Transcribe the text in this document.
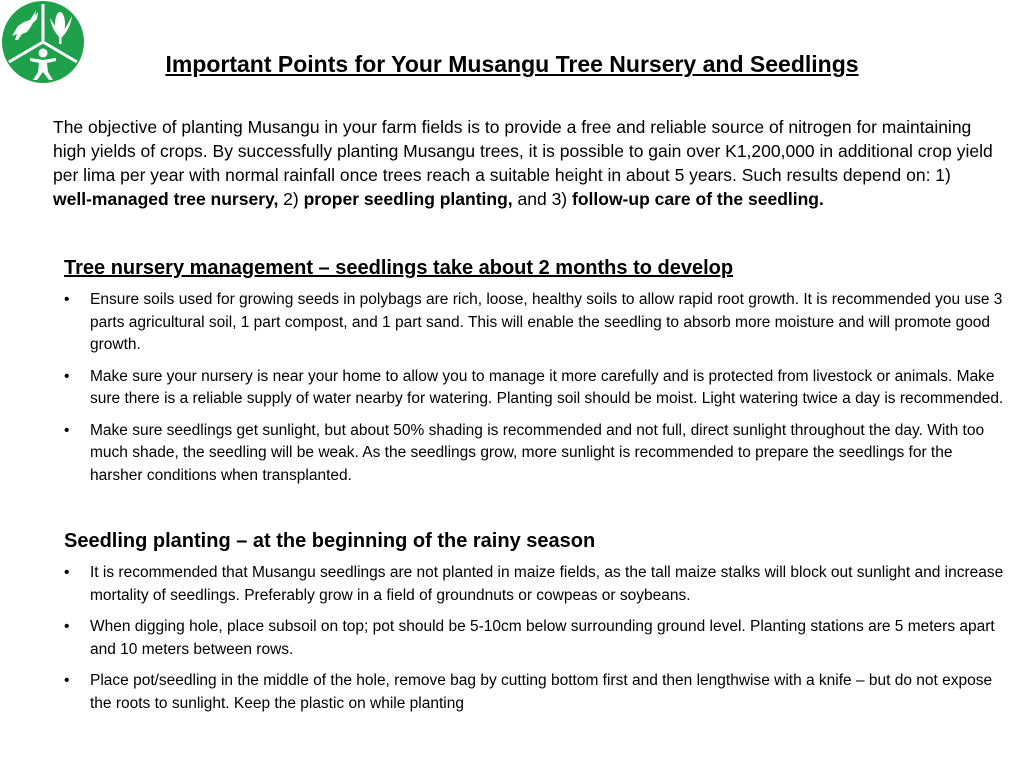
Important Points for Your Musangu Tree Nursery and Seedlings

The objective of planting Musangu in your farm fields is to provide a free and reliable source of nitrogen for maintaining high yields of crops. By successfully planting Musangu trees, it is possible to gain over K1,200,000 in additional crop yield per lima per year with normal rainfall once trees reach a suitable height in about 5 years. Such results depend on: 1) well-managed tree nursery, 2) proper seedling planting, and 3) follow-up care of the seedling.

Tree nursery management – seedlings take about 2 months to develop
• Ensure soils used for growing seeds in polybags are rich, loose, healthy soils to allow rapid root growth. It is recommended you use 3 parts agricultural soil, 1 part compost, and 1 part sand. This will enable the seedling to absorb more moisture and will promote good growth.
• Make sure your nursery is near your home to allow you to manage it more carefully and is protected from livestock or animals. Make sure there is a reliable supply of water nearby for watering. Planting soil should be moist. Light watering twice a day is recommended.
• Make sure seedlings get sunlight, but about 50% shading is recommended and not full, direct sunlight throughout the day. With too much shade, the seedling will be weak. As the seedlings grow, more sunlight is recommended to prepare the seedlings for the harsher conditions when transplanted.
Seedling planting – at the beginning of the rainy season
• It is recommended that Musangu seedlings are not planted in maize fields, as the tall maize stalks will block out sunlight and increase mortality of seedlings. Preferably grow in a field of groundnuts or cowpeas or soybeans.
• When digging hole, place subsoil on top; pot should be 5-10cm below surrounding ground level. Planting stations are 5 meters apart and 10 meters between rows.
• Place pot/seedling in the middle of the hole, remove bag by cutting bottom first and then lengthwise with a knife – but do not expose the roots to sunlight. Keep the plastic on while planting
